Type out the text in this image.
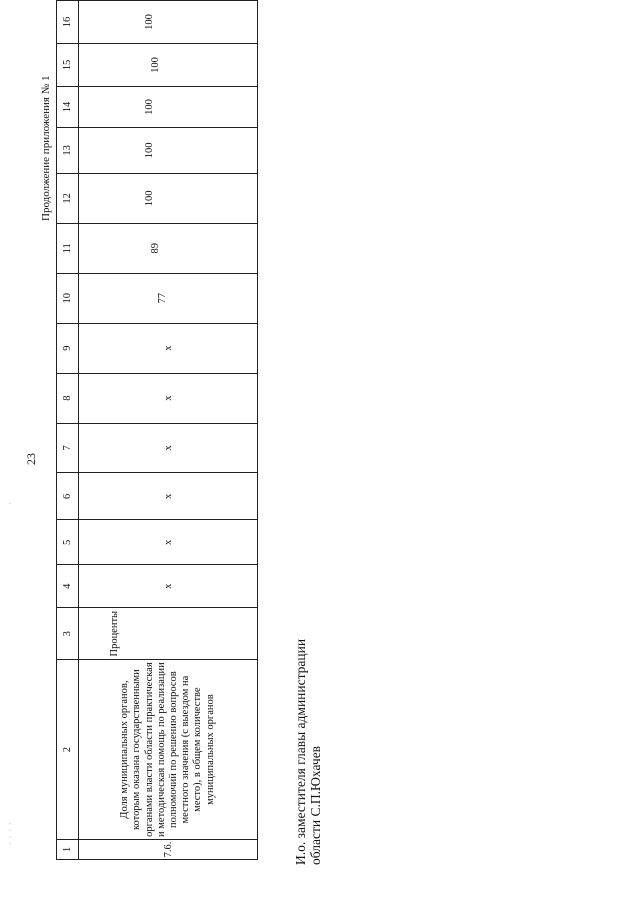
23
Продолжение приложения № 1
1	2	3	4	5	6	7	8	9	10	11	12	13	14	15	16
7.6.	Доля муниципальных органов, которым оказана государственными органами власти области практическая и методическая помощь по реализации полномочий по решению вопросов местного значения (с выездом на место), в общем количестве муниципальных органов	Проценты	x	x	x	x	x	x	77	89	100	100	100	100	100
И.о. заместителя главы администрации области С.П.Юхачев
· · · ·
·
